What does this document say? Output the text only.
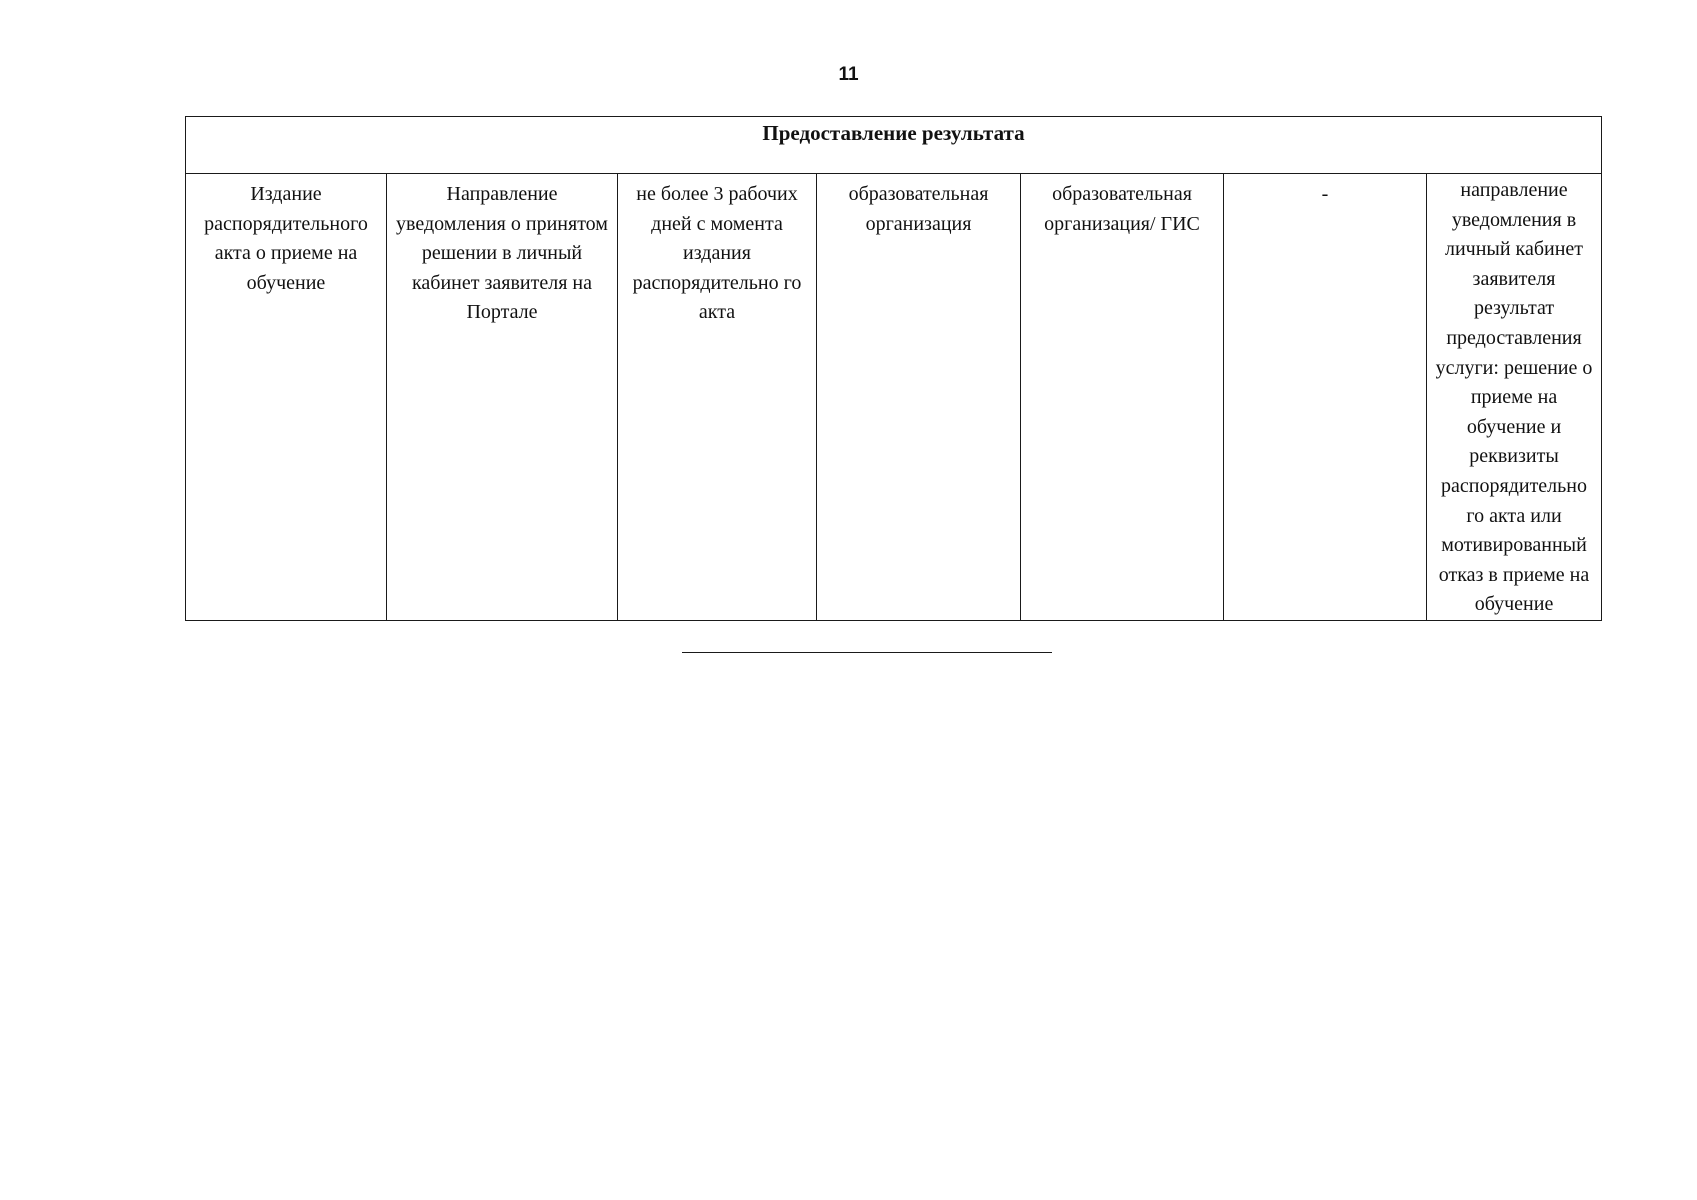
11
Предоставление результата
Издание распорядительного акта о приеме на обучение	Направление уведомления о принятом решении в личный кабинет заявителя на Портале	не более 3 рабочих дней с момента издания распорядительно го акта	образовательная организация	образовательная организация/ ГИС	-	направление уведомления в личный кабинет заявителя результат предоставления услуги: решение о приеме на обучение и реквизиты распорядительно го акта или мотивированный отказ в приеме на обучение
